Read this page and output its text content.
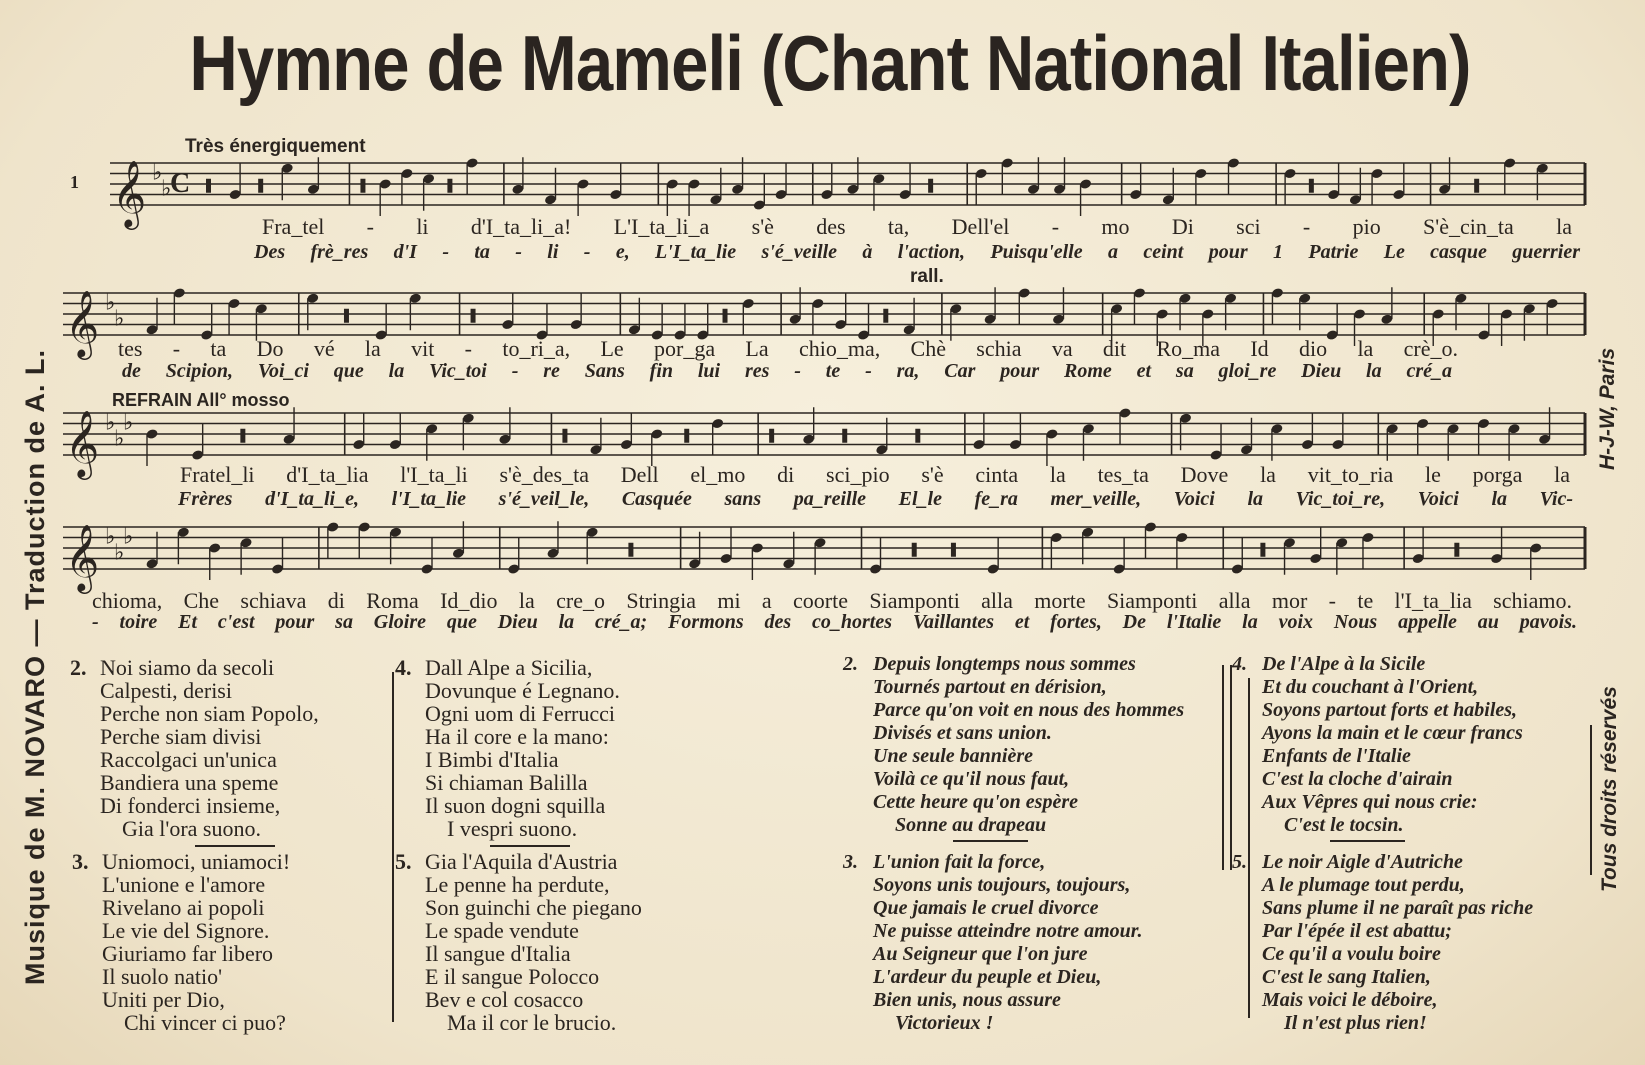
Hymne de Mameli (Chant National Italien)
Musique de M. NOVARO — Traduction de A. L.	H-J-W, Paris
Tous droits réservés
𝄞 ♭
♭
𝄞 ♭
♭
𝄞 ♭
♭
♭
𝄞 ♭
♭
♭
C
1
Très énergiquement
rall.
REFRAIN All° mosso
Fra_tel - li d'I_ta_li_a! L'I_ta_li_a s'è des ta, Dell'el - mo Di sci - pio S'è_cin_ta la
Des frè_res d'I - ta - li - e, L'I_ta_lie s'é_veille à l'action, Puisqu'elle a ceint pour 1 Patrie Le casque guerrier
tes - ta Do vé la vit - to_ri_a, Le por_ga La chio_ma, Chè schia va dit Ro_ma Id dio la crè_o.
de Scipion, Voi_ci que la Vic_toi - re Sans fin lui res - te - ra, Car pour Rome et sa gloi_re Dieu la cré_a
Fratel_li d'I_ta_lia l'I_ta_li s'è_des_ta Dell el_mo di sci_pio s'è cinta la tes_ta Dove la vit_to_ria le porga la
Frères d'I_ta_li_e, l'I_ta_lie s'é_veil_le, Casquée sans pa_reille El_le fe_ra mer_veille, Voici la Vic_toi_re, Voici la Vic-
chioma, Che schiava di Roma Id_dio la cre_o Stringia mi a coorte Siamponti alla morte Siamponti alla mor - te l'I_ta_lia schiamo.
- toire Et c'est pour sa Gloire que Dieu la cré_a; Formons des co_hortes Vaillantes et fortes, De l'Italie la voix Nous appelle au pavois.
2. Noi siamo da secoli
Calpesti, derisi
Perche non siam Popolo,
Perche siam divisi
Raccolgaci un'unica
Bandiera una speme
Di fonderci insieme,
Gia l'ora suono.
3. Uniomoci, uniamoci!
L'unione e l'amore
Rivelano ai popoli
Le vie del Signore.
Giuriamo far libero
Il suolo natio'
Uniti per Dio,
Chi vincer ci puo?
4. Dall Alpe a Sicilia,
Dovunque é Legnano.
Ogni uom di Ferrucci
Ha il core e la mano:
I Bimbi d'Italia
Si chiaman Balilla
Il suon dogni squilla
I vespri suono.
5. Gia l'Aquila d'Austria
Le penne ha perdute,
Son guinchi che piegano
Le spade vendute
Il sangue d'Italia
E il sangue Polocco
Bev e col cosacco
Ma il cor le brucio.
2. Depuis longtemps nous sommes
Tournés partout en dérision,
Parce qu'on voit en nous des hommes
Divisés et sans union.
Une seule bannière
Voilà ce qu'il nous faut,
Cette heure qu'on espère
Sonne au drapeau
3. L'union fait la force,
Soyons unis toujours, toujours,
Que jamais le cruel divorce
Ne puisse atteindre notre amour.
Au Seigneur que l'on jure
L'ardeur du peuple et Dieu,
Bien unis, nous assure
Victorieux !
4. De l'Alpe à la Sicile
Et du couchant à l'Orient,
Soyons partout forts et habiles,
Ayons la main et le cœur francs
Enfants de l'Italie
C'est la cloche d'airain
Aux Vêpres qui nous crie:
C'est le tocsin.
5. Le noir Aigle d'Autriche
A le plumage tout perdu,
Sans plume il ne paraît pas riche
Par l'épée il est abattu;
Ce qu'il a voulu boire
C'est le sang Italien,
Mais voici le déboire,
Il n'est plus rien!
